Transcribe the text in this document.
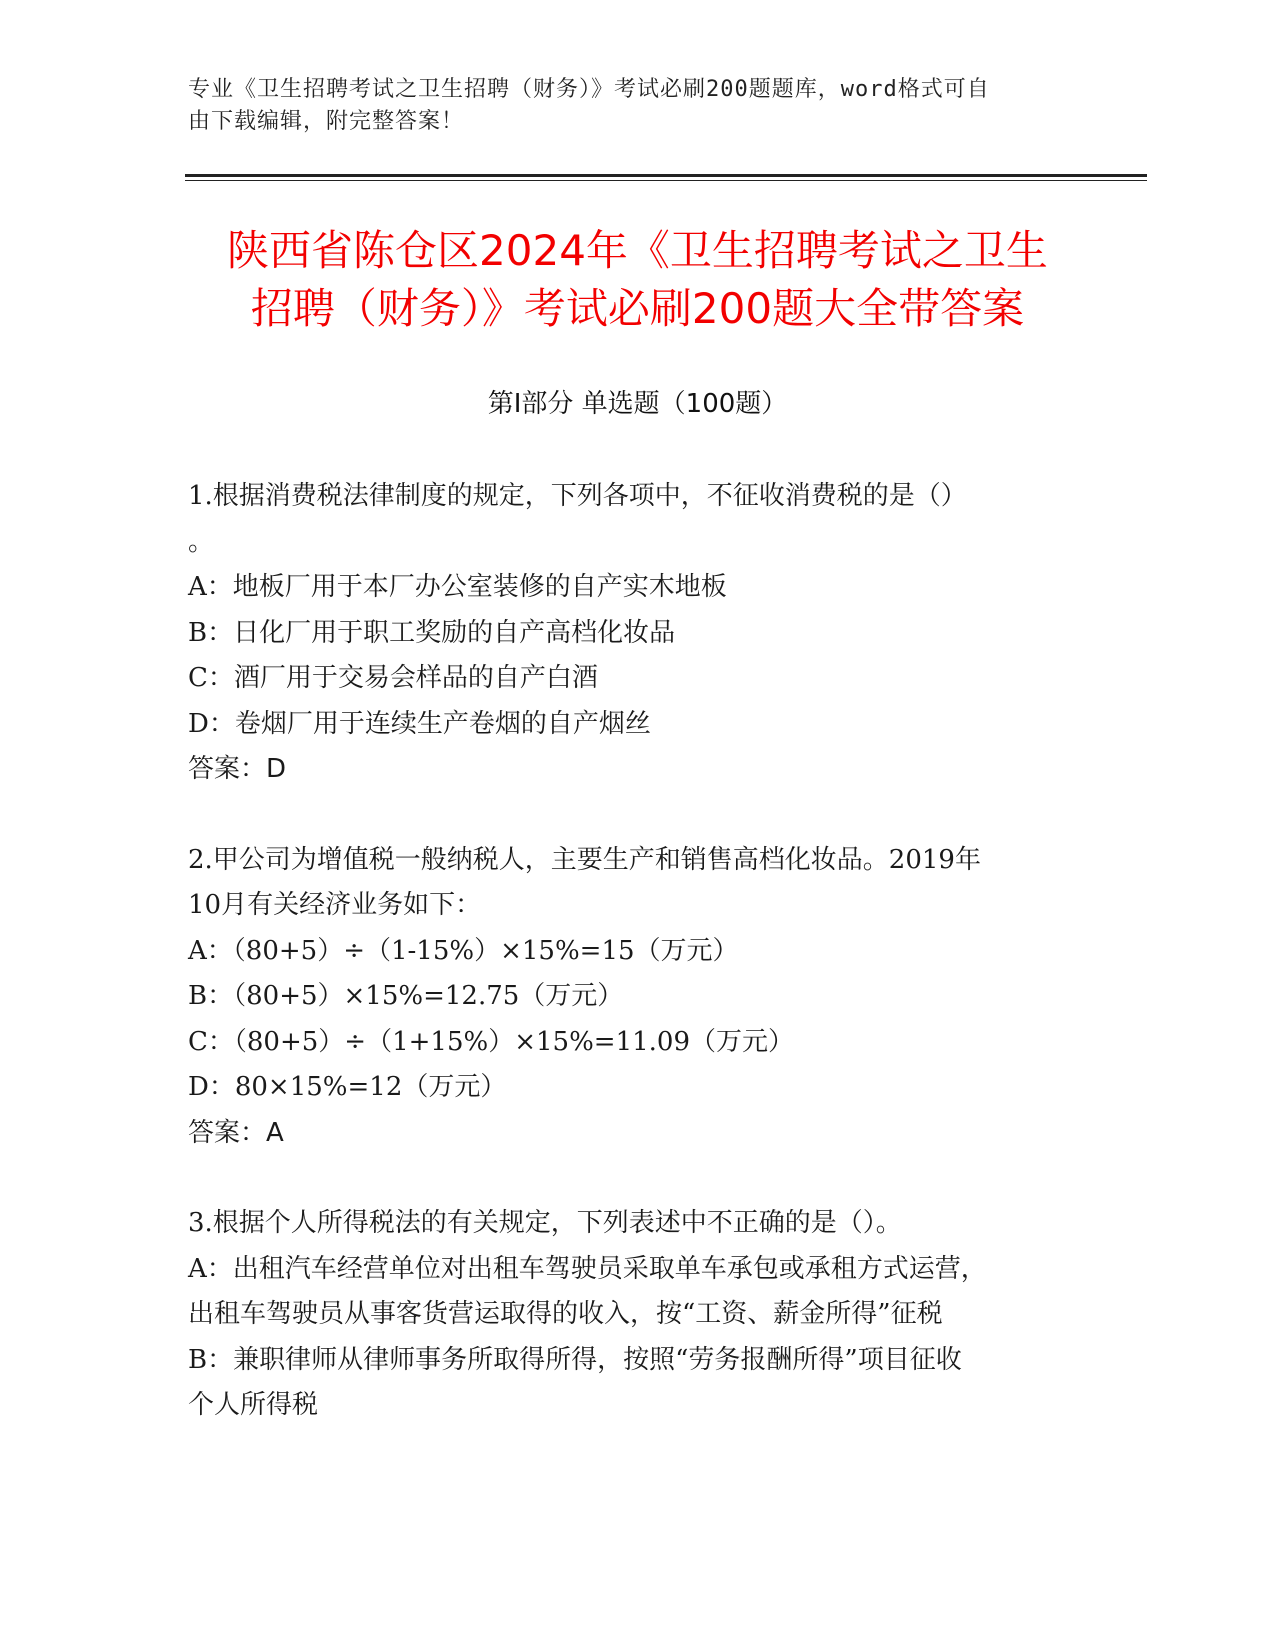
专业《卫生招聘考试之卫生招聘（财务）》考试必刷200题题库，word格式可自
由下载编辑，附完整答案！
陕西省陈仓区2024年《卫生招聘考试之卫生
招聘（财务）》考试必刷200题大全带答案
第Ⅰ部分 单选题（100题）

1.根据消费税法律制度的规定，下列各项中，不征收消费税的是（）

。

A：地板厂用于本厂办公室装修的自产实木地板

B：日化厂用于职工奖励的自产高档化妆品

C：酒厂用于交易会样品的自产白酒

D：卷烟厂用于连续生产卷烟的自产烟丝

答案：D

2.甲公司为增值税一般纳税人，主要生产和销售高档化妆品。2019年

10月有关经济业务如下：

A：（80+5）÷（1-15%）×15%=15（万元）

B：（80+5）×15%=12.75（万元）

C：（80+5）÷（1+15%）×15%=11.09（万元）

D：80×15%=12（万元）

答案：A

3.根据个人所得税法的有关规定，下列表述中不正确的是（）。

A：出租汽车经营单位对出租车驾驶员采取单车承包或承租方式运营，

出租车驾驶员从事客货营运取得的收入，按“工资、薪金所得”征税

B：兼职律师从律师事务所取得所得，按照“劳务报酬所得”项目征收

个人所得税
